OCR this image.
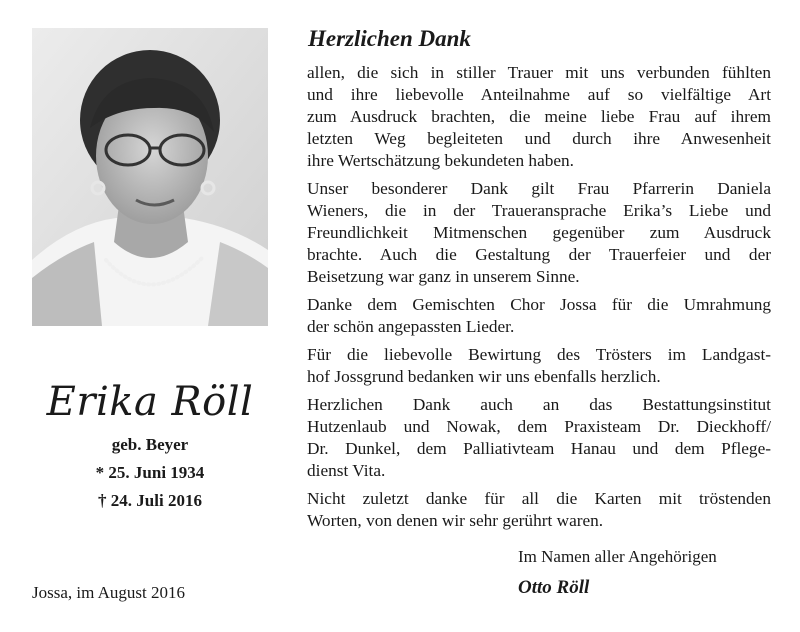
Erika Röll
geb. Beyer
* 25. Juni 1934
† 24. Juli 2016
Jossa, im August 2016
Herzlichen Dank

allen, die sich in stiller Trauer mit uns verbunden fühlten
und ihre liebevolle Anteilnahme auf so vielfältige Art
zum Ausdruck brachten, die meine liebe Frau auf ihrem
letzten Weg begleiteten und durch ihre Anwesenheit
ihre Wertschätzung bekundeten haben.

Unser besonderer Dank gilt Frau Pfarrerin Daniela
Wieners, die in der Traueransprache Erika’s Liebe und
Freundlichkeit Mitmenschen gegenüber zum Ausdruck
brachte. Auch die Gestaltung der Trauerfeier und der
Beisetzung war ganz in unserem Sinne.

Danke dem Gemischten Chor Jossa für die Umrahmung
der schön angepassten Lieder.

Für die liebevolle Bewirtung des Trösters im Landgast-
hof Jossgrund bedanken wir uns ebenfalls herzlich.

Herzlichen Dank auch an das Bestattungsinstitut
Hutzenlaub und Nowak, dem Praxisteam Dr. Dieckhoff/
Dr. Dunkel, dem Palliativteam Hanau und dem Pflege-
dienst Vita.

Nicht zuletzt danke für all die Karten mit tröstenden
Worten, von denen wir sehr gerührt waren.

Im Namen aller Angehörigen
Otto Röll
